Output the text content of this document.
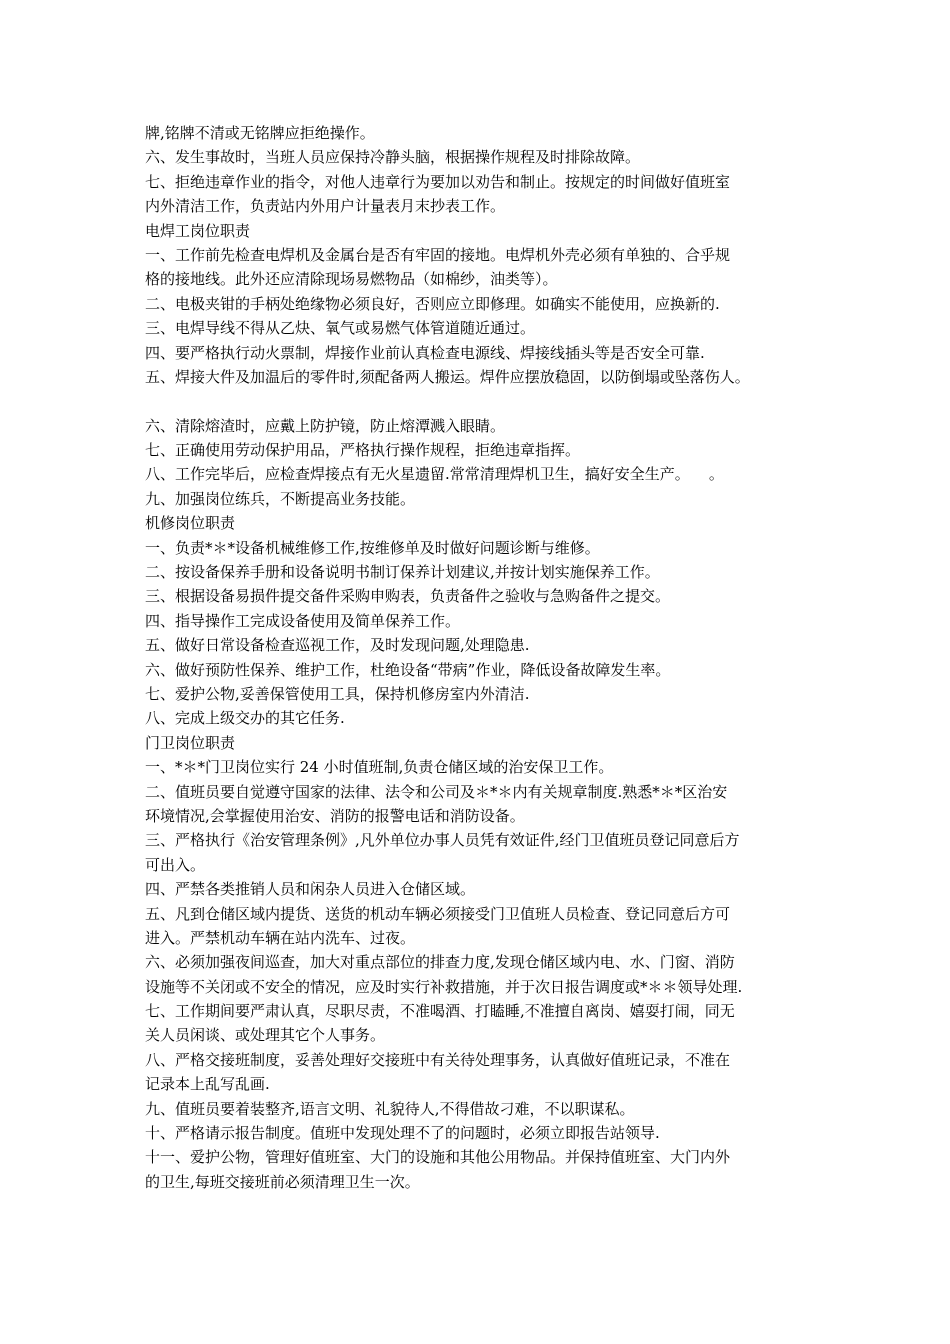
牌,铭牌不清或无铭牌应拒绝操作。
六、发生事故时，当班人员应保持冷静头脑，根据操作规程及时排除故障。
七、拒绝违章作业的指令，对他人违章行为要加以劝告和制止。按规定的时间做好值班室
内外清洁工作，负责站内外用户计量表月末抄表工作。
电焊工岗位职责
一、工作前先检查电焊机及金属台是否有牢固的接地。电焊机外壳必须有单独的、合乎规
格的接地线。此外还应清除现场易燃物品（如棉纱，油类等）。
二、电极夹钳的手柄处绝缘物必须良好，否则应立即修理。如确实不能使用，应换新的.
三、电焊导线不得从乙炔、氧气或易燃气体管道随近通过。
四、要严格执行动火票制，焊接作业前认真检查电源线、焊接线插头等是否安全可靠.
五、焊接大件及加温后的零件时,须配备两人搬运。焊件应摆放稳固，以防倒塌或坠落伤人。
六、清除熔渣时，应戴上防护镜，防止熔潭溅入眼睛。
七、正确使用劳动保护用品，严格执行操作规程，拒绝违章指挥。
八、工作完毕后，应检查焊接点有无火星遗留.常常清理焊机卫生，搞好安全生产。    。
九、加强岗位练兵，不断提高业务技能。
机修岗位职责
一、负责*＊*设备机械维修工作,按维修单及时做好问题诊断与维修。
二、按设备保养手册和设备说明书制订保养计划建议,并按计划实施保养工作。
三、根据设备易损件提交备件采购申购表，负责备件之验收与急购备件之提交。
四、指导操作工完成设备使用及简单保养工作。
五、做好日常设备检查巡视工作，及时发现问题,处理隐患.
六、做好预防性保养、维护工作，杜绝设备“带病”作业，降低设备故障发生率。
七、爱护公物,妥善保管使用工具，保持机修房室内外清洁.
八、完成上级交办的其它任务.
门卫岗位职责
一、*＊*门卫岗位实行 24 小时值班制,负责仓储区域的治安保卫工作。
二、值班员要自觉遵守国家的法律、法令和公司及＊*＊内有关规章制度.熟悉*＊*区治安
环境情况,会掌握使用治安、消防的报警电话和消防设备。
三、严格执行《治安管理条例》,凡外单位办事人员凭有效证件,经门卫值班员登记同意后方
可出入。
四、严禁各类推销人员和闲杂人员进入仓储区域。
五、凡到仓储区域内提货、送货的机动车辆必须接受门卫值班人员检查、登记同意后方可
进入。严禁机动车辆在站内洗车、过夜。
六、必须加强夜间巡查，加大对重点部位的排查力度,发现仓储区域内电、水、门窗、消防
设施等不关闭或不安全的情况，应及时实行补救措施，并于次日报告调度或*＊＊领导处理.
七、工作期间要严肃认真，尽职尽责，不准喝酒、打瞌睡,不准擅自离岗、嬉耍打闹，同无
关人员闲谈、或处理其它个人事务。
八、严格交接班制度，妥善处理好交接班中有关待处理事务，认真做好值班记录，不准在
记录本上乱写乱画.
九、值班员要着装整齐,语言文明、礼貌待人,不得借故刁难，不以职谋私。
十、严格请示报告制度。值班中发现处理不了的问题时，必须立即报告站领导.
十一、爱护公物，管理好值班室、大门的设施和其他公用物品。并保持值班室、大门内外
的卫生,每班交接班前必须清理卫生一次。
